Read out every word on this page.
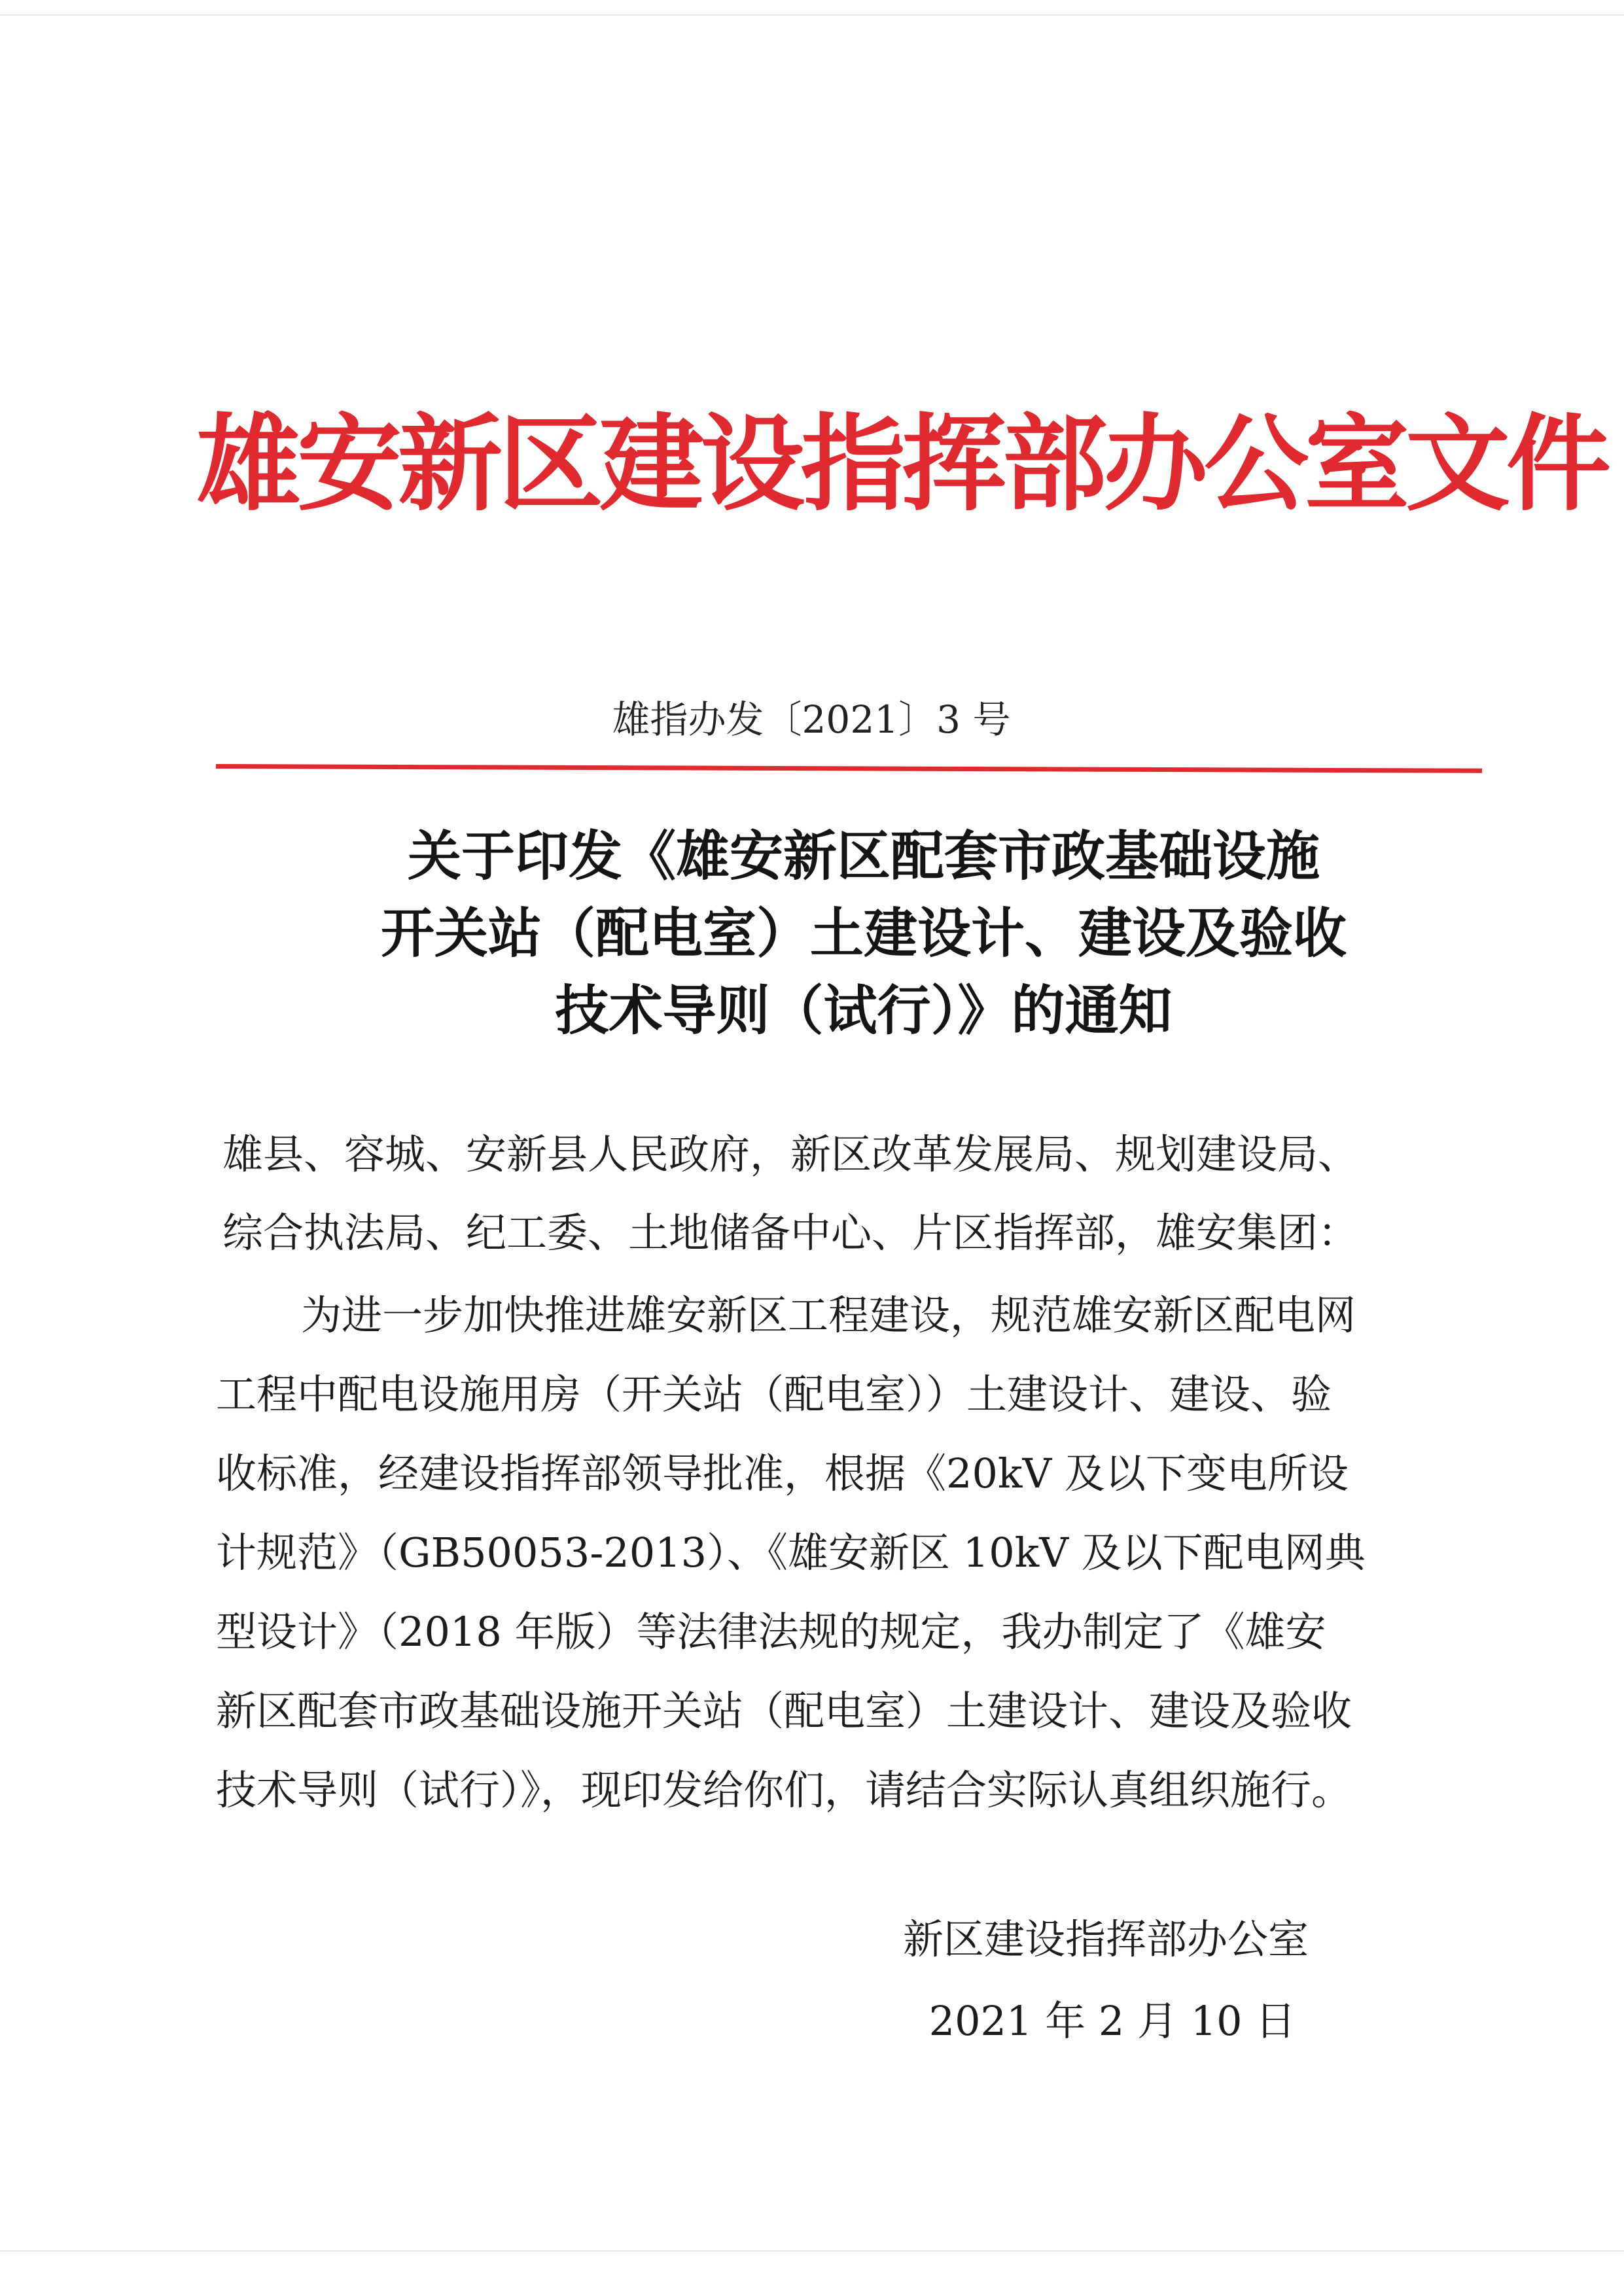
雄安新区建设指挥部办公室文件
雄指办发〔2021〕3 号
关于印发《雄安新区配套市政基础设施
开关站（配电室）土建设计、建设及验收
技术导则（试行）》的通知
雄县、容城、安新县人民政府，新区改革发展局、规划建设局、
综合执法局、纪工委、土地储备中心、片区指挥部，雄安集团：
为进一步加快推进雄安新区工程建设，规范雄安新区配电网
工程中配电设施用房（开关站（配电室））土建设计、建设、验
收标准，经建设指挥部领导批准，根据《20kV 及以下变电所设
计规范》（GB50053-2013）、《雄安新区 10kV 及以下配电网典
型设计》（2018 年版）等法律法规的规定，我办制定了《雄安
新区配套市政基础设施开关站（配电室）土建设计、建设及验收
技术导则（试行）》，现印发给你们，请结合实际认真组织施行。
新区建设指挥部办公室
2021 年 2 月 10 日
